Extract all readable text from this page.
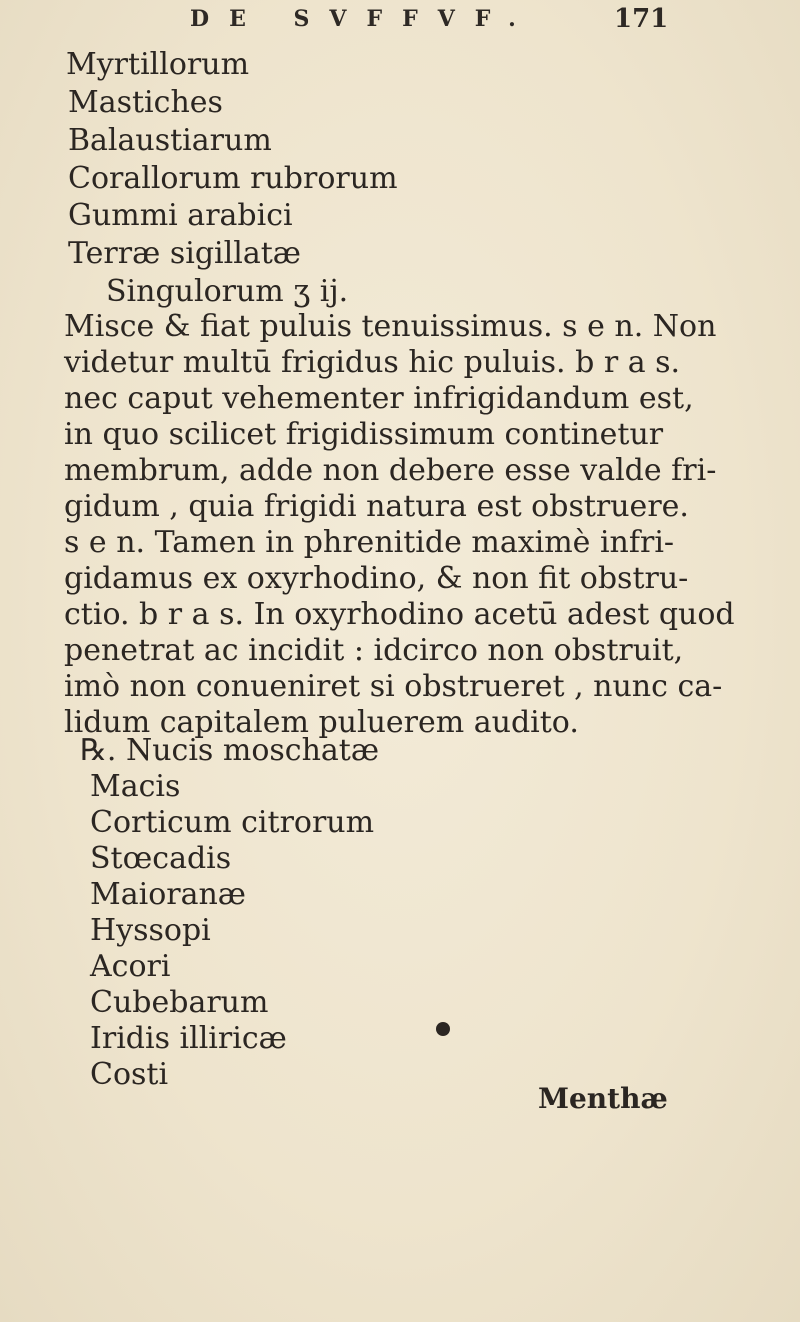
DE SVFFVF.	171
Myrtillorum
Mastiches
Balaustiarum
Corallorum rubrorum
Gummi arabici
Terræ sigillatæ
Singulorum ʒ ij.
Misce & fiat puluis tenuissimus. s e n. Non
videtur multū frigidus hic puluis. b r a s.
nec caput vehementer infrigidandum est,
in quo scilicet frigidissimum continetur
membrum, adde non debere esse valde fri-
gidum , quia frigidi natura est obstruere.
s e n. Tamen in phrenitide maximè infri-
gidamus ex oxyrhodino, & non fit obstru-
ctio. b r a s. In oxyrhodino acetū adest quod
penetrat ac incidit : idcirco non obstruit,
imò non conueniret si obstrueret , nunc ca-
lidum capitalem puluerem audito.
℞. Nucis moschatæ
Macis
Corticum citrorum
Stœcadis
Maioranæ
Hyssopi
Acori
Cubebarum
Iridis illiricæ
Costi
Menthæ
